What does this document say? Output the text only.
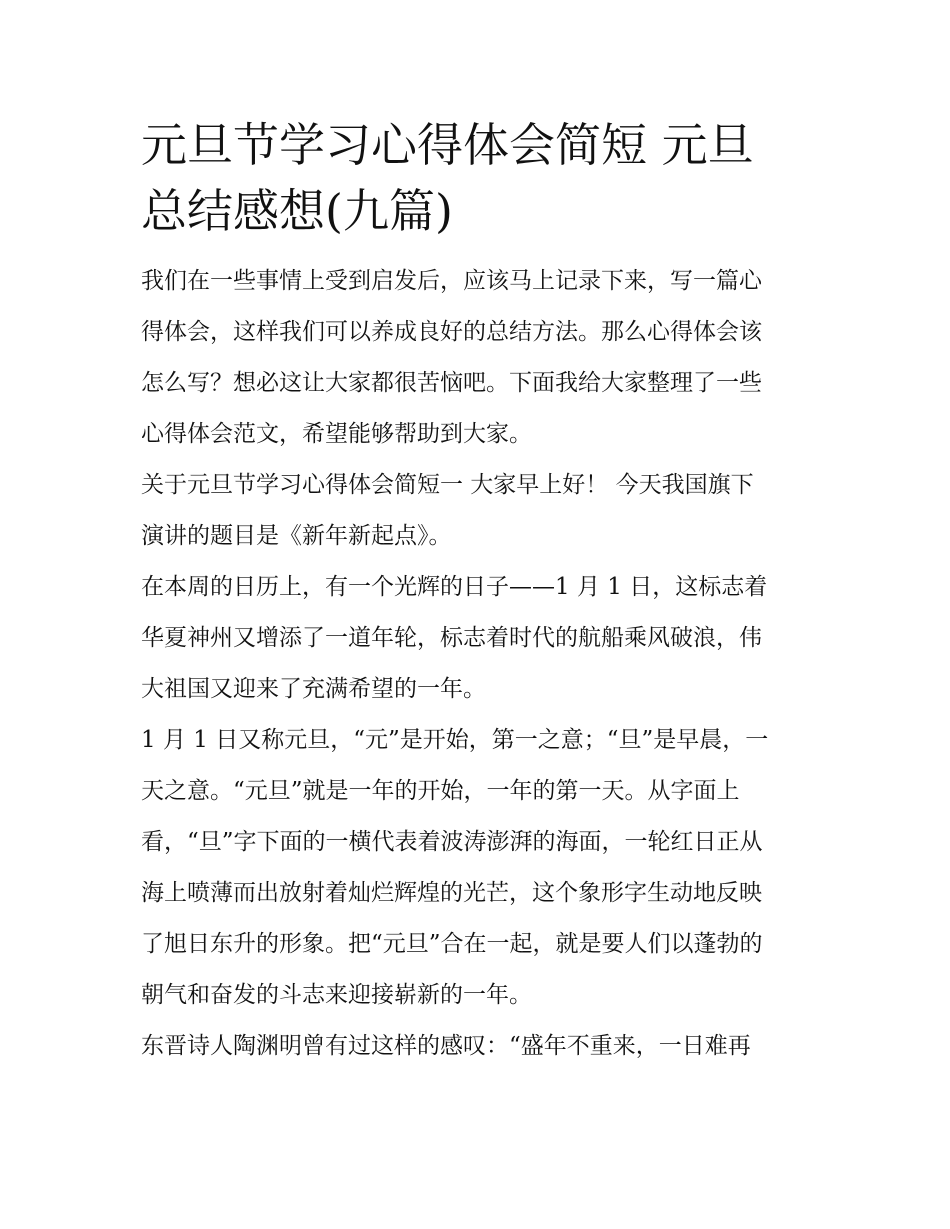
元旦节学习心得体会简短 元旦
总结感想(九篇)

我们在一些事情上受到启发后，应该马上记录下来，写一篇心
得体会，这样我们可以养成良好的总结方法。那么心得体会该
怎么写？想必这让大家都很苦恼吧。下面我给大家整理了一些
心得体会范文，希望能够帮助到大家。

关于元旦节学习心得体会简短一 大家早上好！ 今天我国旗下
演讲的题目是《新年新起点》。

在本周的日历上，有一个光辉的日子——1 月 1 日，这标志着
华夏神州又增添了一道年轮，标志着时代的航船乘风破浪，伟
大祖国又迎来了充满希望的一年。

1 月 1 日又称元旦，“元”是开始，第一之意；“旦”是早晨，一
天之意。“元旦”就是一年的开始，一年的第一天。从字面上
看，“旦”字下面的一横代表着波涛澎湃的海面，一轮红日正从
海上喷薄而出放射着灿烂辉煌的光芒，这个象形字生动地反映
了旭日东升的形象。把“元旦”合在一起，就是要人们以蓬勃的
朝气和奋发的斗志来迎接崭新的一年。

东晋诗人陶渊明曾有过这样的感叹：“盛年不重来，一日难再
